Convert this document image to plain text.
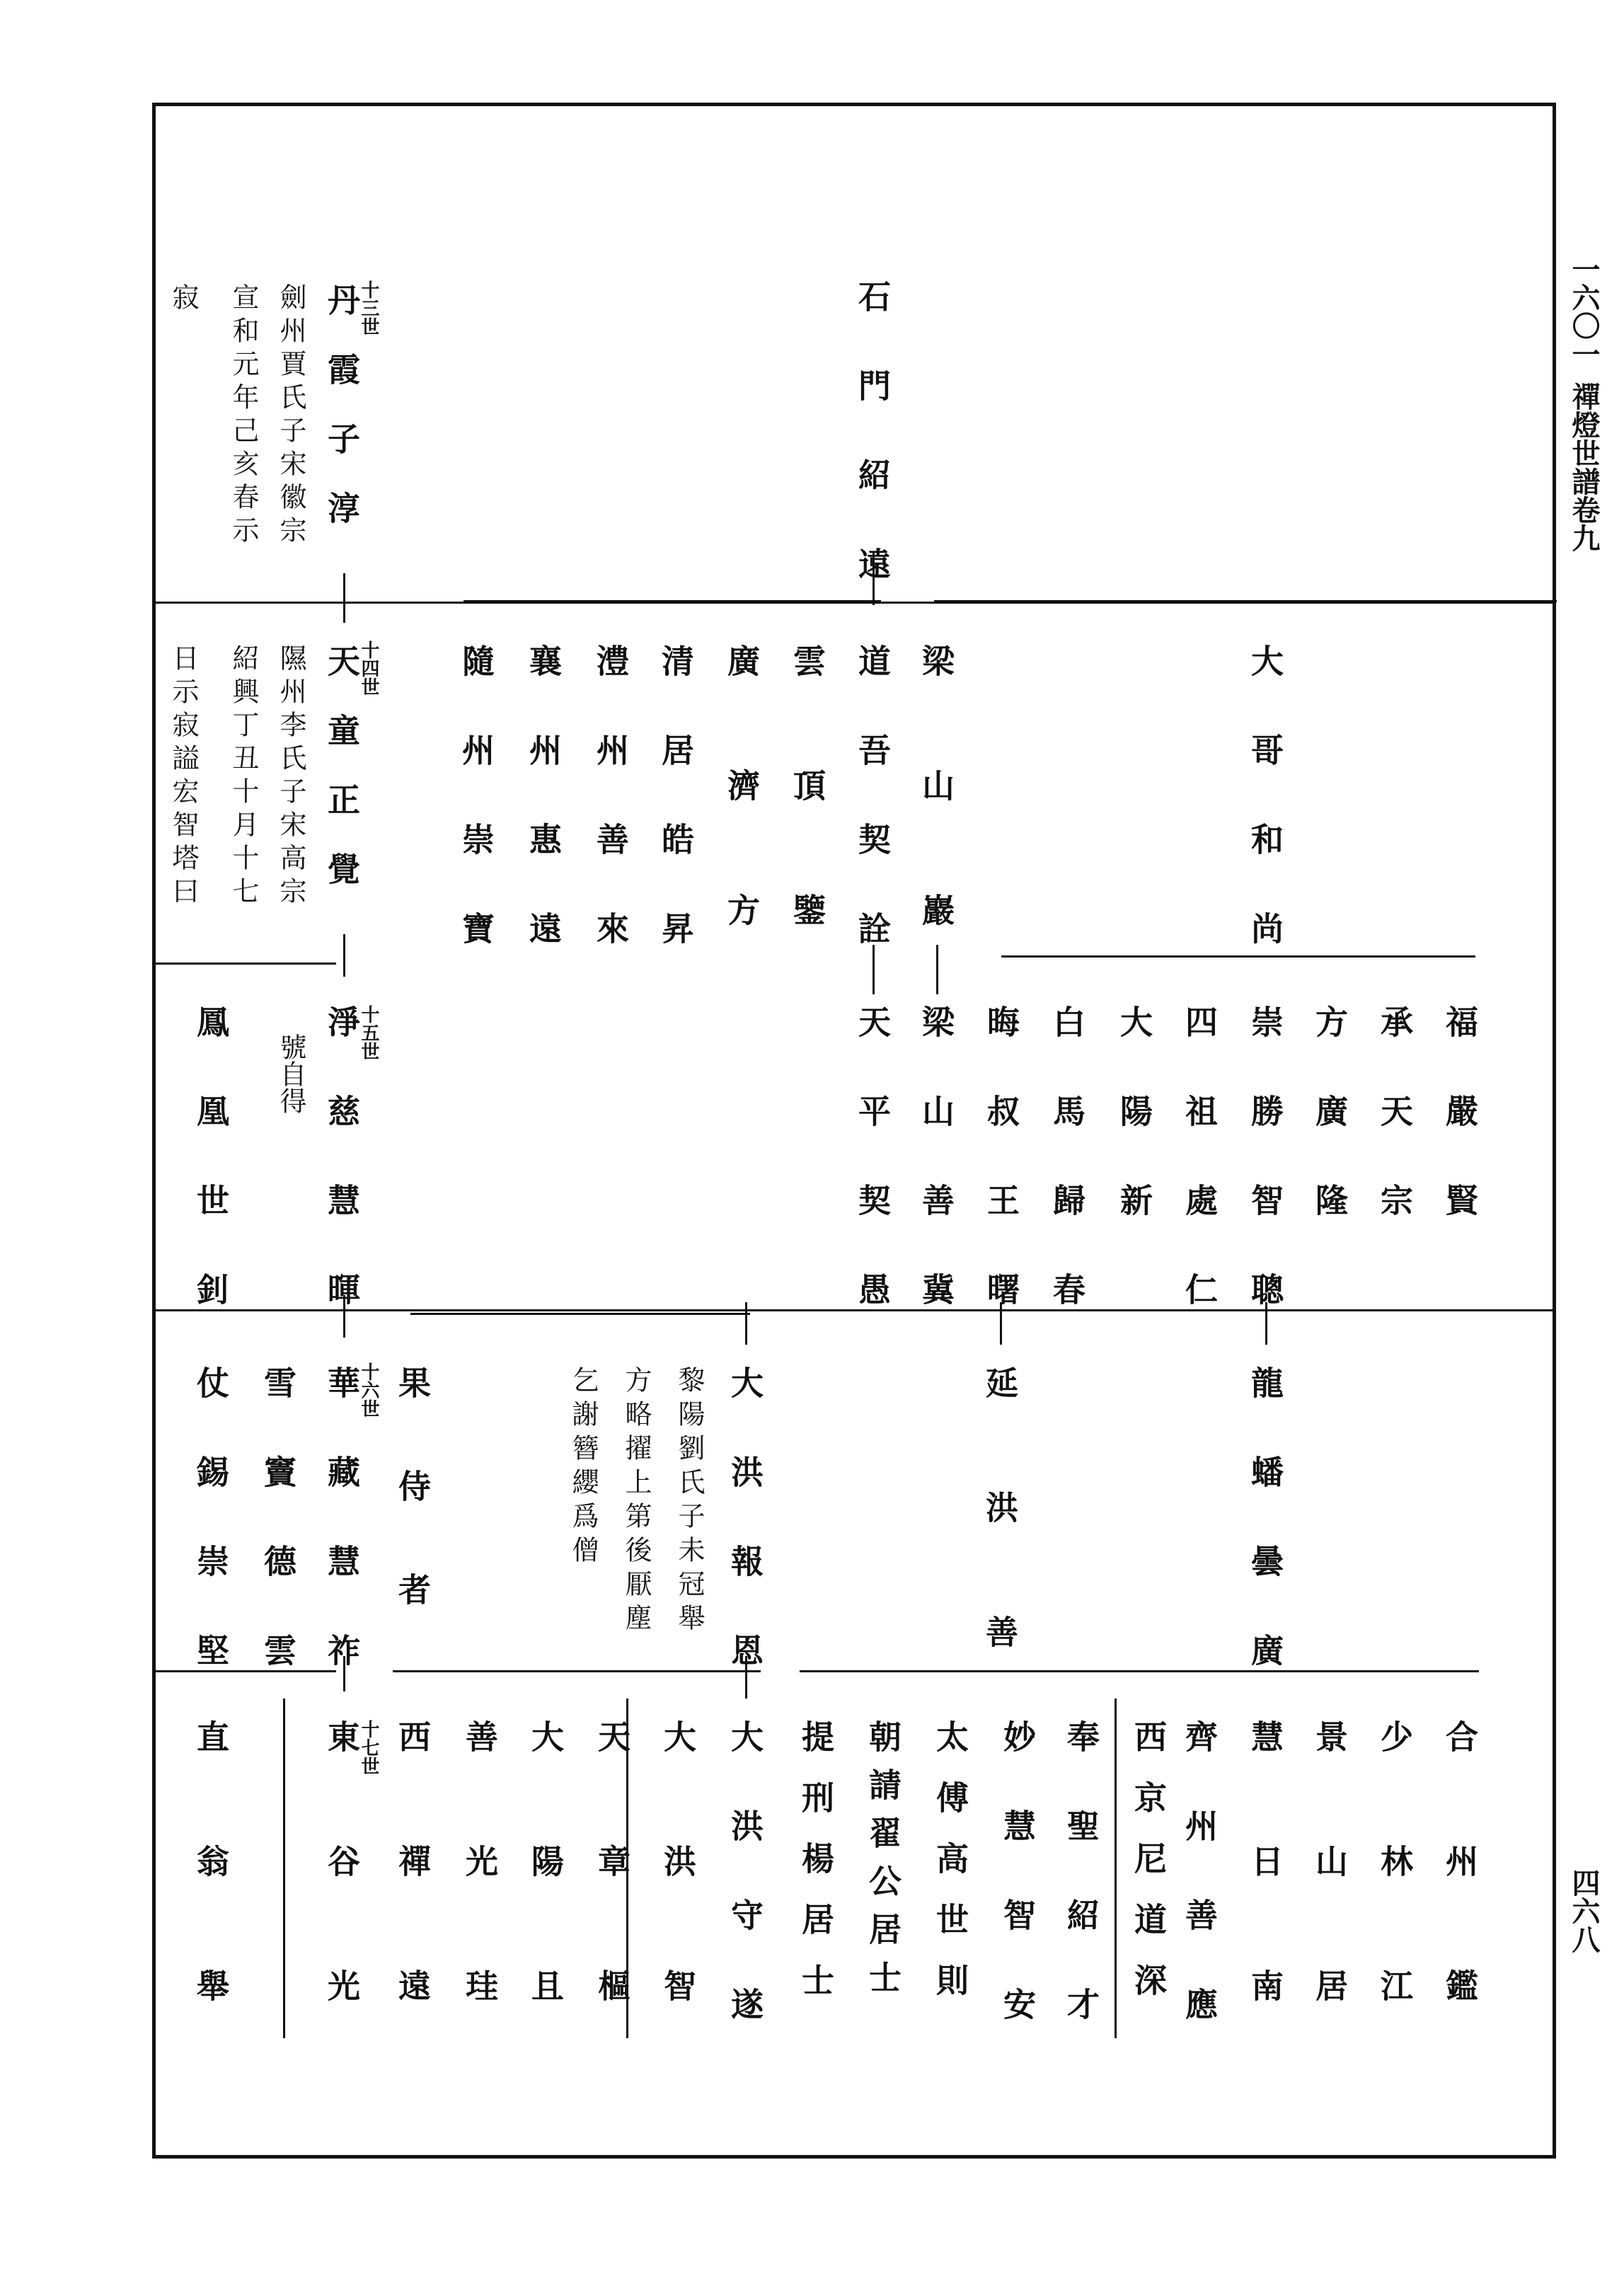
一六〇一
禪燈世譜卷九
四六八
十三世
丹霞子淳
劍州賈氏子宋徽宗
宣和元年己亥春示
寂
十四世
天童正覺
隰州李氏子宋高宗
紹興丁丑十月十七
日示寂謚宏智塔曰
十五世
淨慈慧暉
號自得
鳳凰世釗
十六世
華藏慧祚
雪竇德雲
仗錫崇堅	果侍者
十七世
東谷光
直翁舉	西禪遠 善光珪 大陽且 天章樞 大洪智 大洪守遂
石門紹遠
道吾契詮
雲頂鑒
廣濟方
清居皓昇
澧州善來
襄州惠遠
隨州崇寶
天平契愚
梁山巖
梁山善冀
延洪善
大哥和尚
福嚴賢
承天宗
方廣隆
崇勝智聰
四祖處仁
大陽新
白馬歸春
晦叔王曙
龍蟠曇廣
大洪報恩
黎陽劉氏子未冠舉
方略擢上第後厭塵
乞謝簪纓爲僧
合州鑑
少林江
景山居
慧日南
齊州善應
西京尼道深
奉聖紹才
妙慧智安
太傅高世則
朝請翟公居士
提刑楊居士
